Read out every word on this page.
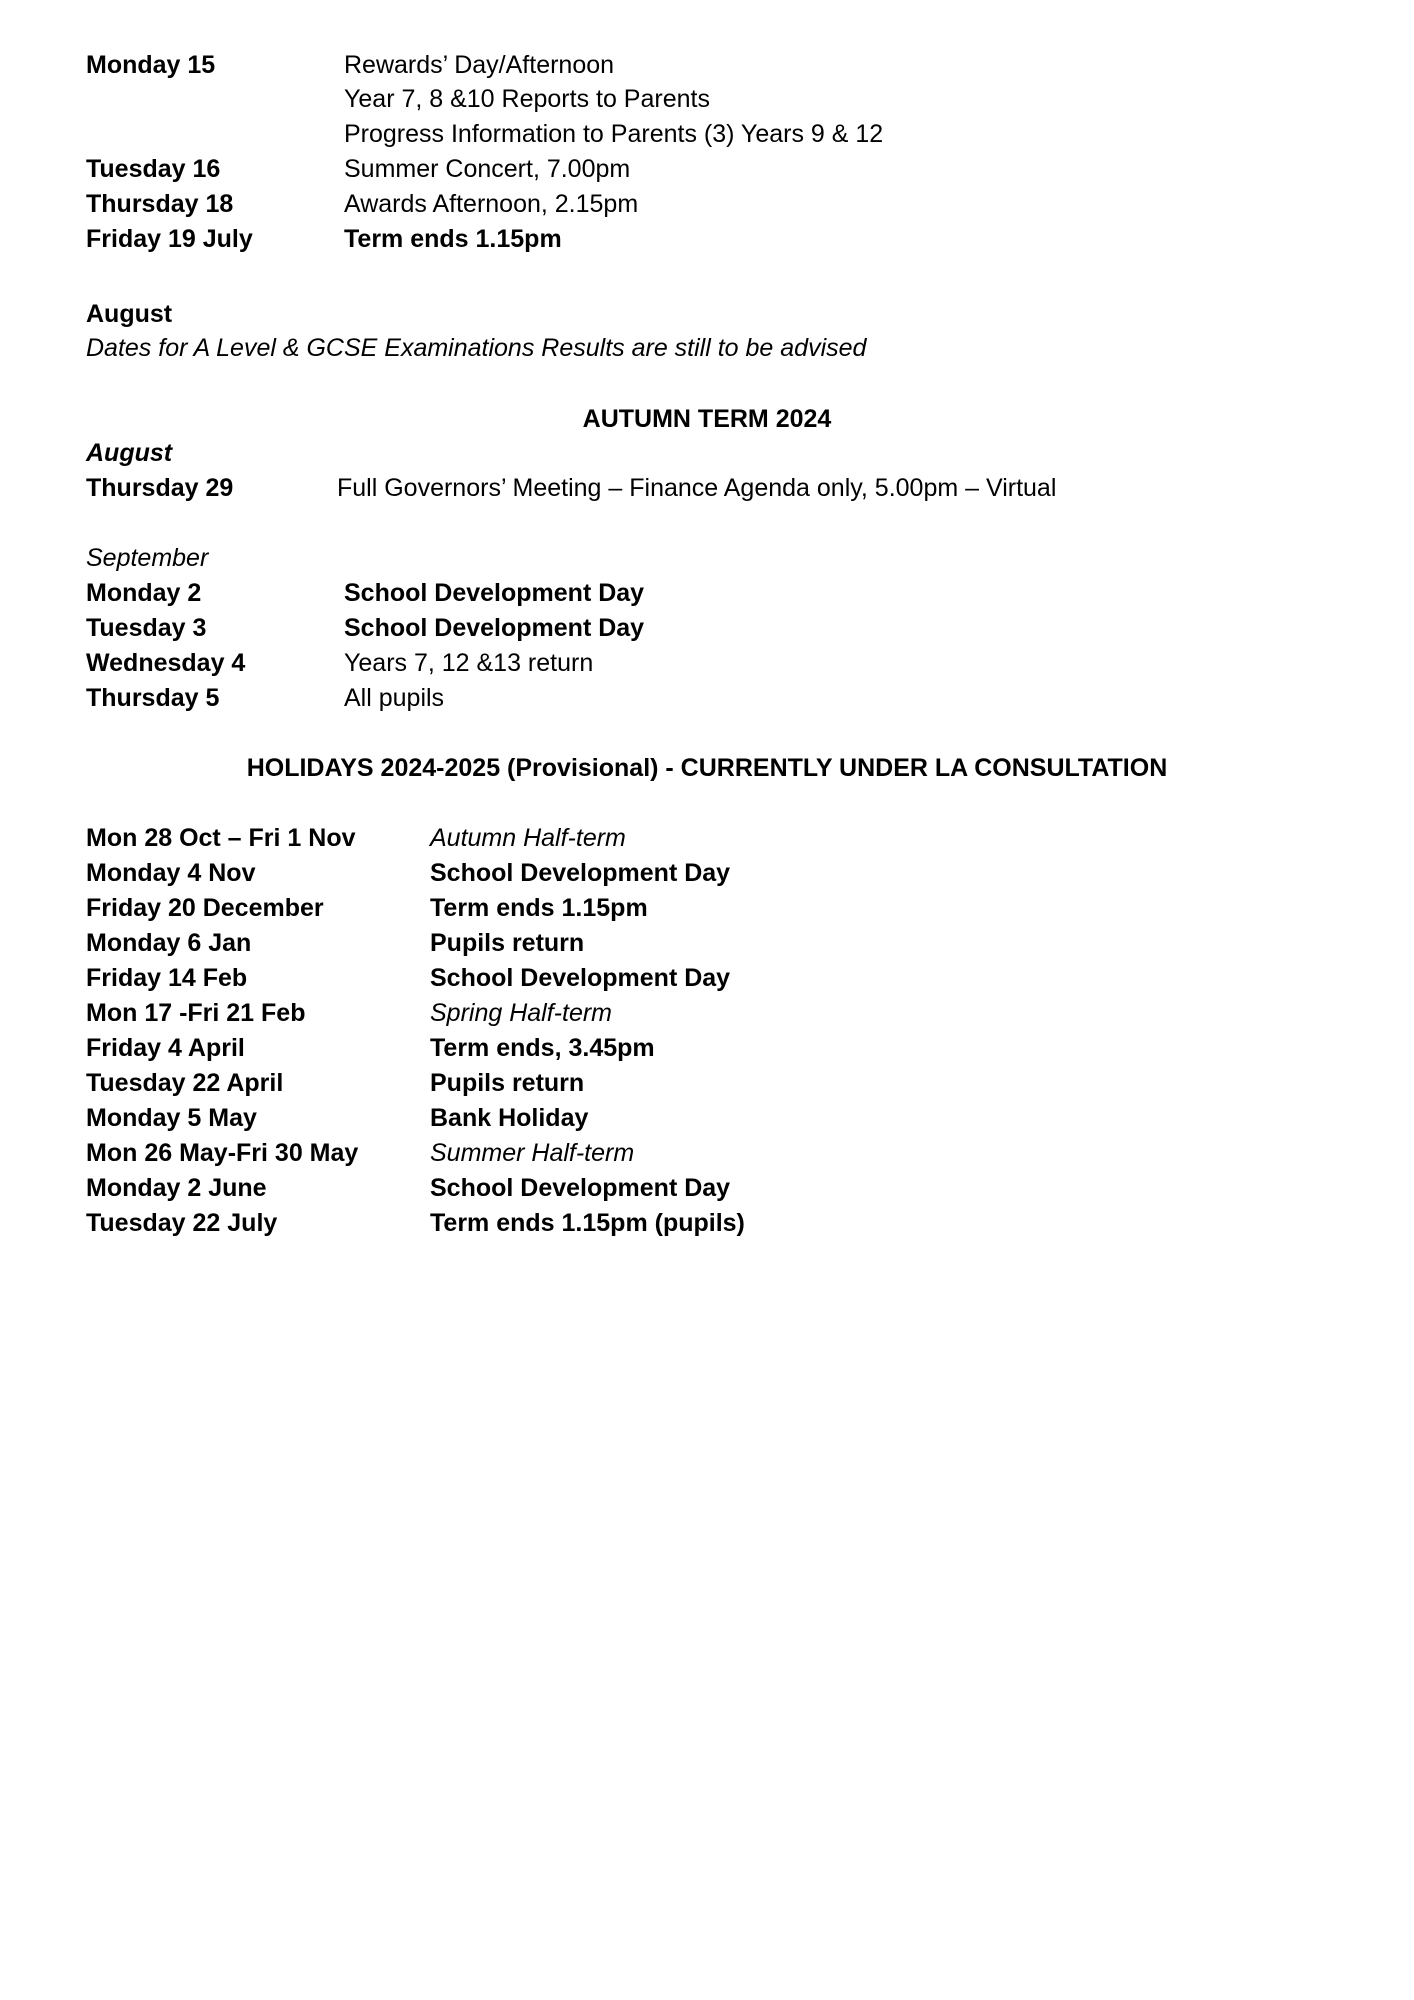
Monday 15	Rewards’ Day/Afternoon
Year 7, 8 &10 Reports to Parents
Progress Information to Parents (3) Years 9 & 12
Tuesday 16	Summer Concert, 7.00pm
Thursday 18	Awards Afternoon, 2.15pm
Friday 19 July	Term ends 1.15pm
August
Dates for A Level & GCSE Examinations Results are still to be advised
AUTUMN TERM 2024
August
Thursday 29	Full Governors’ Meeting – Finance Agenda only, 5.00pm – Virtual
September
Monday 2	School Development Day
Tuesday 3	School Development Day
Wednesday 4	Years 7, 12 &13 return
Thursday 5	All pupils
HOLIDAYS 2024-2025 (Provisional) - CURRENTLY UNDER LA CONSULTATION
Mon 28 Oct – Fri 1 Nov	Autumn Half-term
Monday 4 Nov	School Development Day
Friday 20 December	Term ends 1.15pm
Monday 6 Jan	Pupils return
Friday 14 Feb	School Development Day
Mon 17 -Fri 21 Feb	Spring Half-term
Friday 4 April	Term ends, 3.45pm
Tuesday 22 April	Pupils return
Monday 5 May	Bank Holiday
Mon 26 May-Fri 30 May	Summer Half-term
Monday 2 June	School Development Day
Tuesday 22 July	Term ends 1.15pm (pupils)
